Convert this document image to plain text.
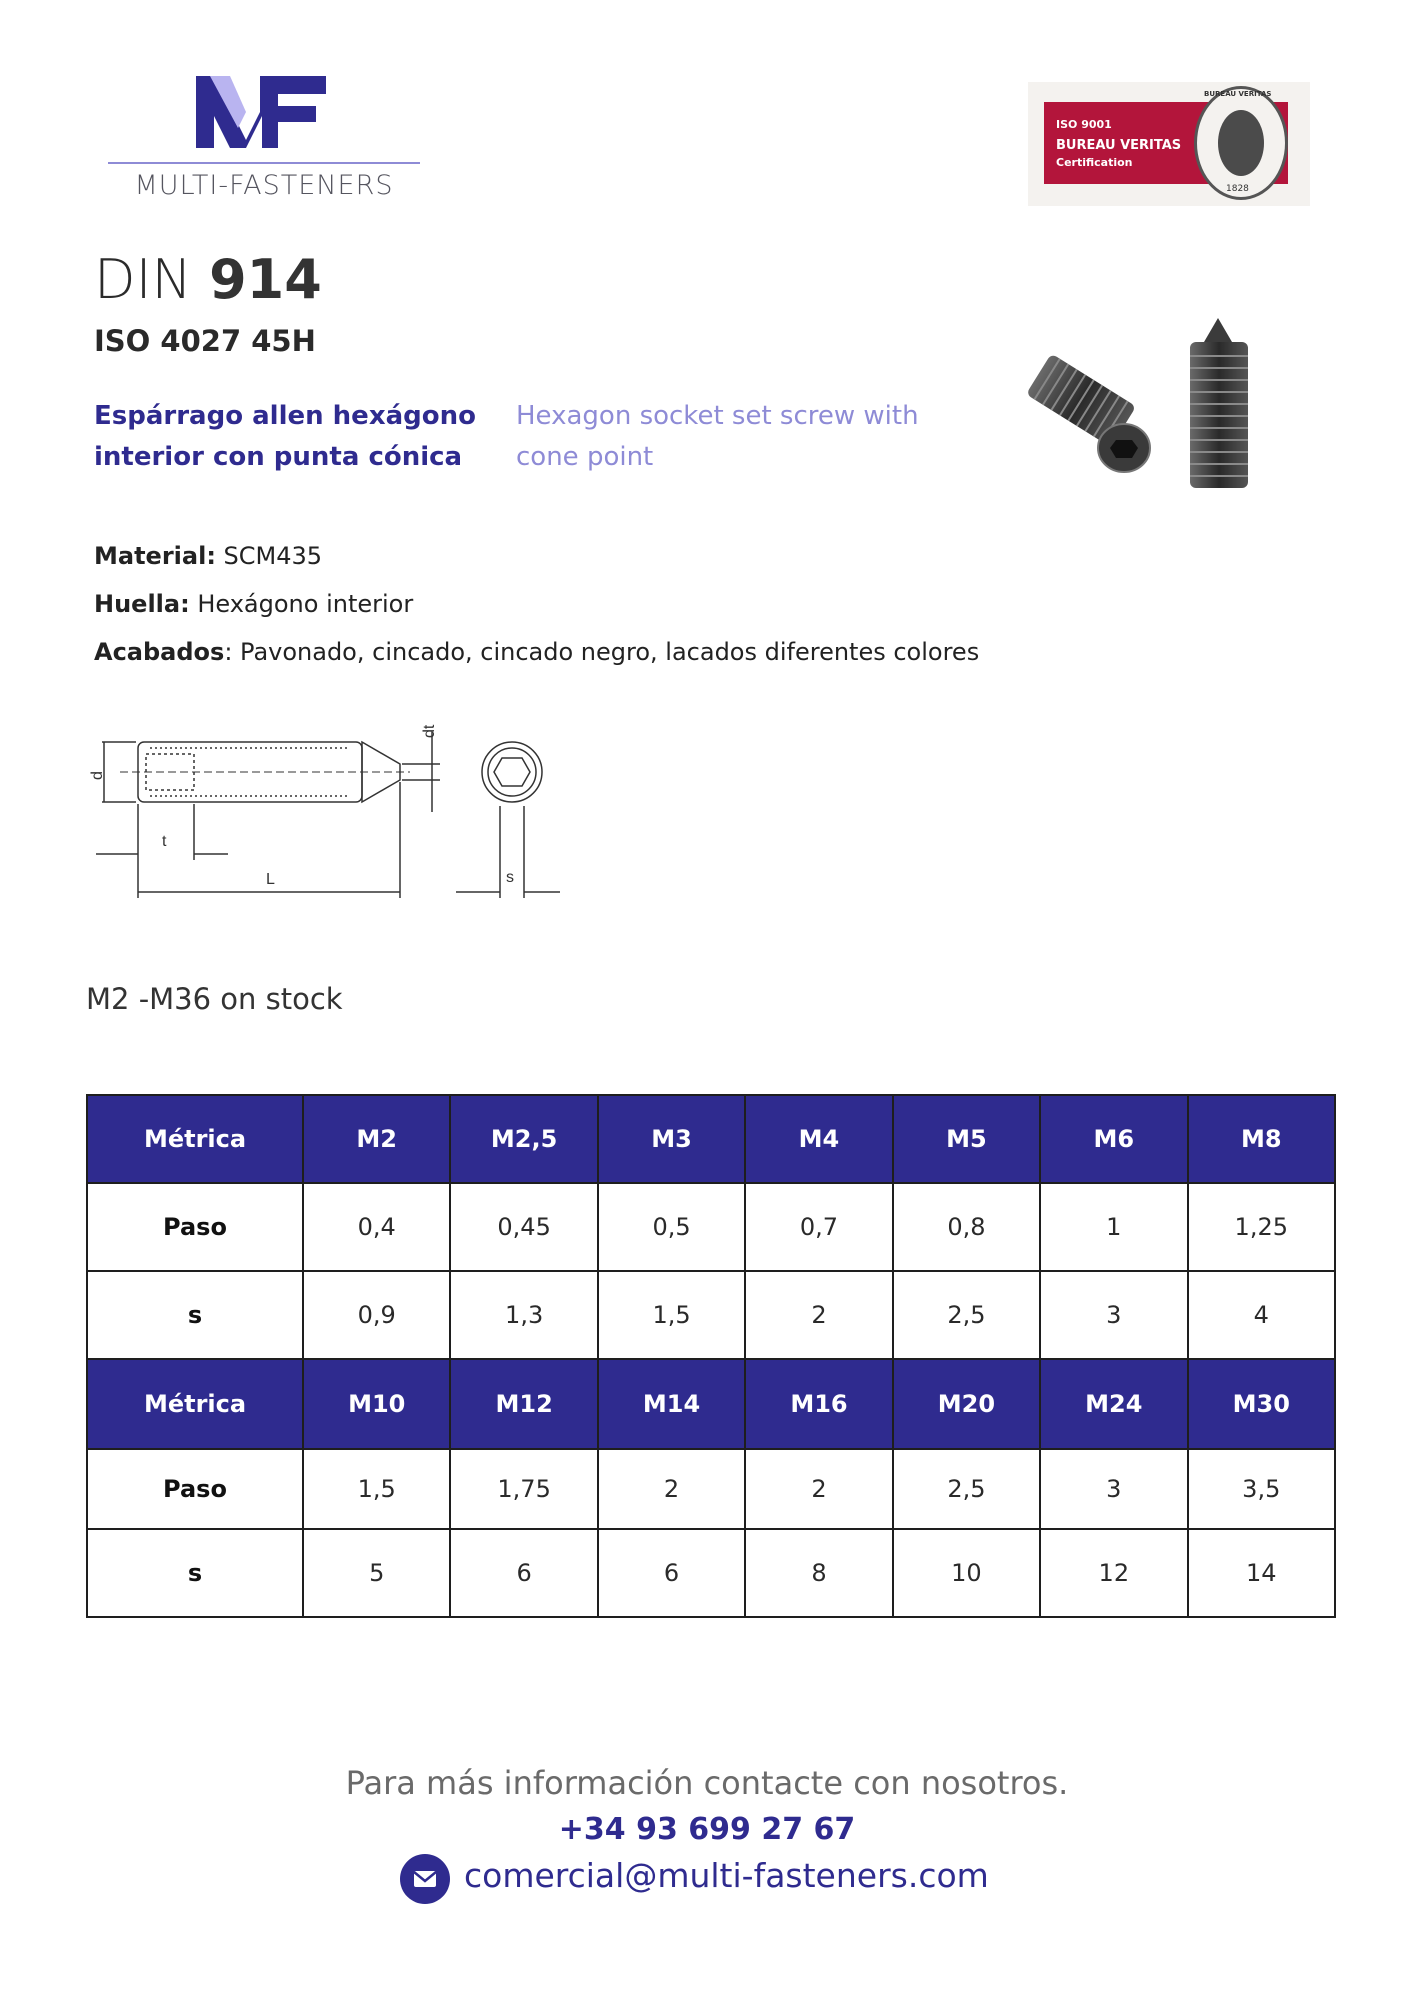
MULTI-FASTENERS
ISO 9001
BUREAU VERITAS
Certification
BUREAU VERITAS
1828
DIN 914
ISO 4027 45H
Espárrago allen hexágono
interior con punta cónica
Hexagon socket set screw with
cone point
Material: SCM435
Huella: Hexágono interior
Acabados: Pavonado, cincado, cincado negro, lacados diferentes colores
d
dt
t
L	s
M2 -M36 on stock
Métrica	M2	M2,5	M3	M4	M5	M6	M8
Paso	0,4	0,45	0,5	0,7	0,8	1	1,25
s	0,9	1,3	1,5	2	2,5	3	4
Métrica	M10	M12	M14	M16	M20	M24	M30
Paso	1,5	1,75	2	2	2,5	3	3,5
s	5	6	6	8	10	12	14
Para más información contacte con nosotros.
+34 93 699 27 67
comercial@multi-fasteners.com
